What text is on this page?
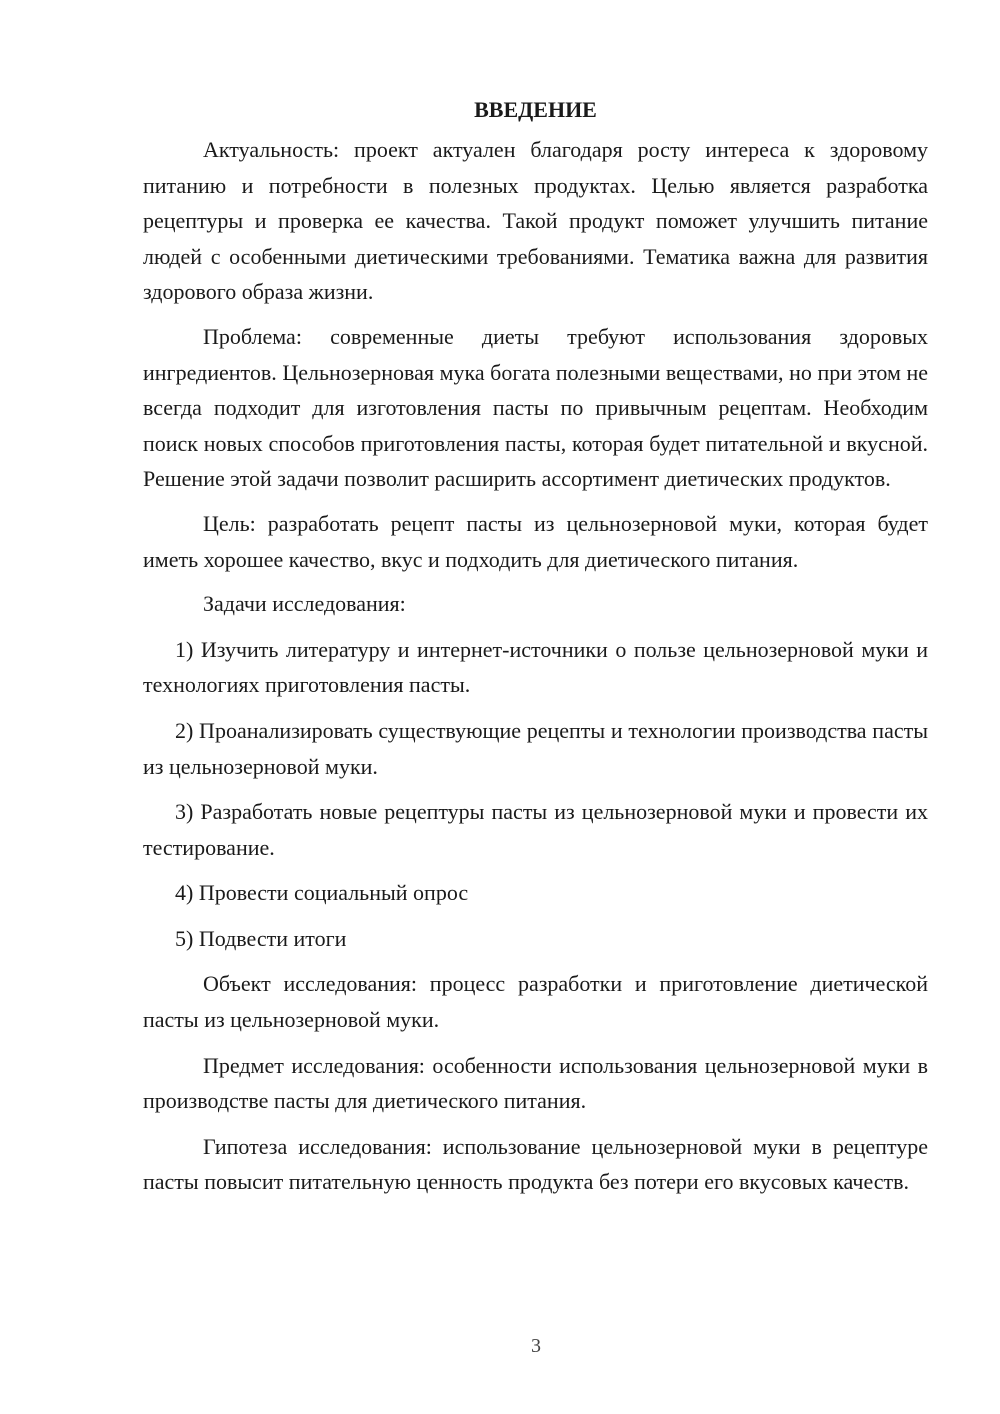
ВВЕДЕНИЕ

Актуальность: проект актуален благодаря росту интереса к здоровому питанию и потребности в полезных продуктах. Целью является разработка рецептуры и проверка ее качества. Такой продукт поможет улучшить питание людей с особенными диетическими требованиями. Тематика важна для развития здорового образа жизни.

Проблема: современные диеты требуют использования здоровых ингредиентов. Цельнозерновая мука богата полезными веществами, но при этом не всегда подходит для изготовления пасты по привычным рецептам. Необходим поиск новых способов приготовления пасты, которая будет питательной и вкусной. Решение этой задачи позволит расширить ассортимент диетических продуктов.

Цель: разработать рецепт пасты из цельнозерновой муки, которая будет иметь хорошее качество, вкус и подходить для диетического питания.

Задачи исследования:

1) Изучить литературу и интернет-источники о пользе цельнозерновой муки и технологиях приготовления пасты.

2) Проанализировать существующие рецепты и технологии производства пасты из цельнозерновой муки.

3) Разработать новые рецептуры пасты из цельнозерновой муки и провести их тестирование.

4) Провести социальный опрос

5) Подвести итоги

Объект исследования: процесс разработки и приготовление диетической пасты из цельнозерновой муки.

Предмет исследования: особенности использования цельнозерновой муки в производстве пасты для диетического питания.

Гипотеза исследования: использование цельнозерновой муки в рецептуре пасты повысит питательную ценность продукта без потери его вкусовых качеств.

3
